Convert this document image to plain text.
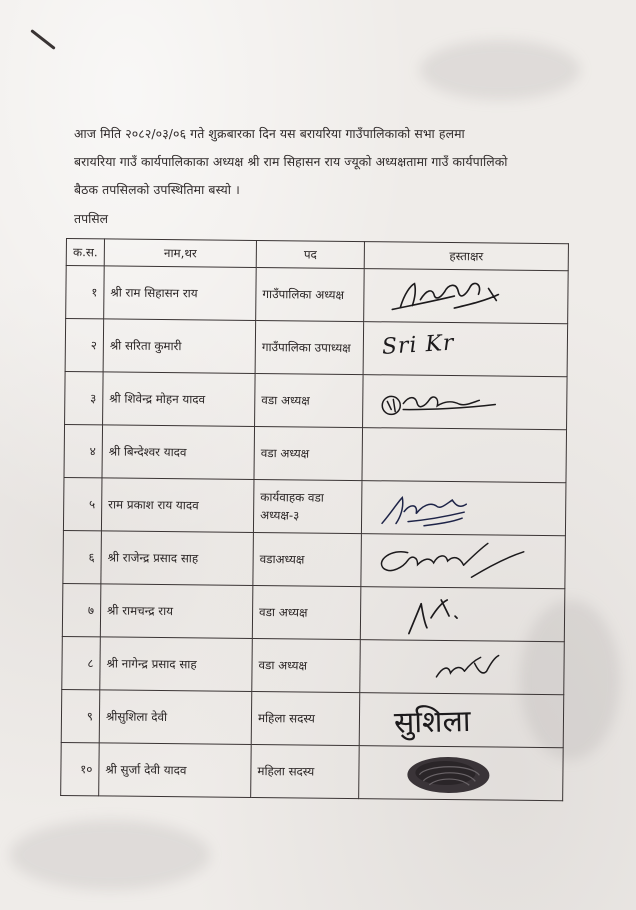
आज मिति २०८२/०३/०६ गते शुक्रबारका दिन यस बरायरिया गाउँपालिकाको सभा हलमा

बरायरिया गाउँ कार्यपालिकाका अध्यक्ष श्री राम सिहासन राय ज्यूको अध्यक्षतामा गाउँ कार्यपालिको

बैठक तपसिलको उपस्थितिमा बस्यो ।

तपसिल
क.स.	नाम,थर	पद	हस्ताक्षर
१	श्री राम सिहासन राय	गाउँपालिका अध्यक्ष	

२	श्री सरिता कुमारी	गाउँपालिका उपाध्यक्ष	Sri Kr

३	श्री शिवेन्द्र मोहन यादव	वडा अध्यक्ष	

४	श्री बिन्देश्वर यादव	वडा अध्यक्ष	
५	राम प्रकाश राय यादव	कार्यवाहक वडा
अध्यक्ष-३

६	श्री राजेन्द्र प्रसाद साह	वडाअध्यक्ष	

७	श्री रामचन्द्र राय	वडा अध्यक्ष	

८	श्री नागेन्द्र प्रसाद साह	वडा अध्यक्ष	

९	श्रीसुशिला देवी	महिला सदस्य	सुशिला

१०	श्री सुर्जा देवी यादव	महिला सदस्य	
